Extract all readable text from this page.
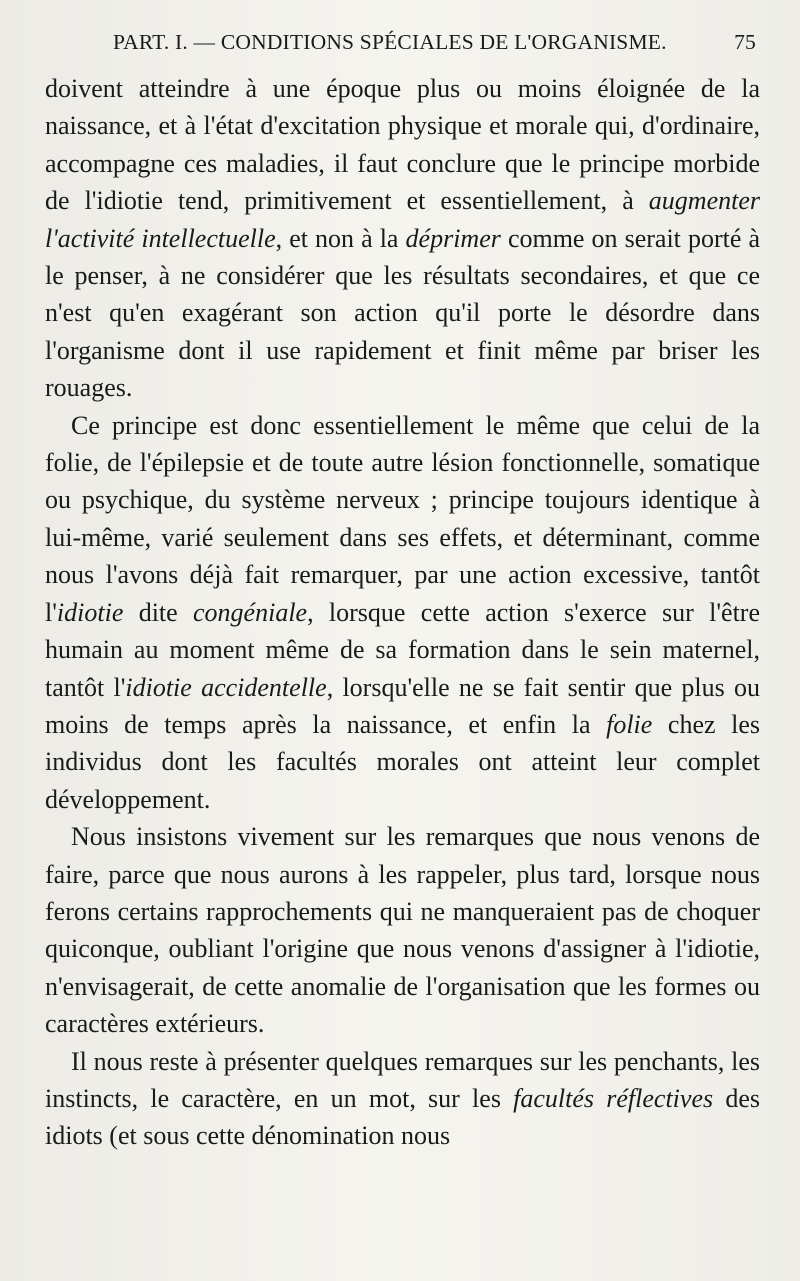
PART. I. — CONDITIONS SPÉCIALES DE L'ORGANISME.	75

doivent atteindre à une époque plus ou moins éloignée de la naissance, et à l'état d'excitation physique et morale qui, d'ordinaire, accompagne ces maladies, il faut conclure que le principe morbide de l'idiotie tend, primitivement et essentiellement, à augmenter l'activité intellectuelle, et non à la déprimer comme on serait porté à le penser, à ne considérer que les résultats secondaires, et que ce n'est qu'en exagérant son action qu'il porte le désordre dans l'organisme dont il use rapidement et finit même par briser les rouages.

Ce principe est donc essentiellement le même que celui de la folie, de l'épilepsie et de toute autre lésion fonctionnelle, somatique ou psychique, du système nerveux ; principe toujours identique à lui-même, varié seulement dans ses effets, et déterminant, comme nous l'avons déjà fait remarquer, par une action excessive, tantôt l'idiotie dite congéniale, lorsque cette action s'exerce sur l'être humain au moment même de sa formation dans le sein maternel, tantôt l'idiotie accidentelle, lorsqu'elle ne se fait sentir que plus ou moins de temps après la naissance, et enfin la folie chez les individus dont les facultés morales ont atteint leur complet développement.

Nous insistons vivement sur les remarques que nous venons de faire, parce que nous aurons à les rappeler, plus tard, lorsque nous ferons certains rapprochements qui ne manqueraient pas de choquer quiconque, oubliant l'origine que nous venons d'assigner à l'idiotie, n'envisagerait, de cette anomalie de l'organisation que les formes ou caractères extérieurs.

Il nous reste à présenter quelques remarques sur les penchants, les instincts, le caractère, en un mot, sur les facultés réflectives des idiots (et sous cette dénomination nous
